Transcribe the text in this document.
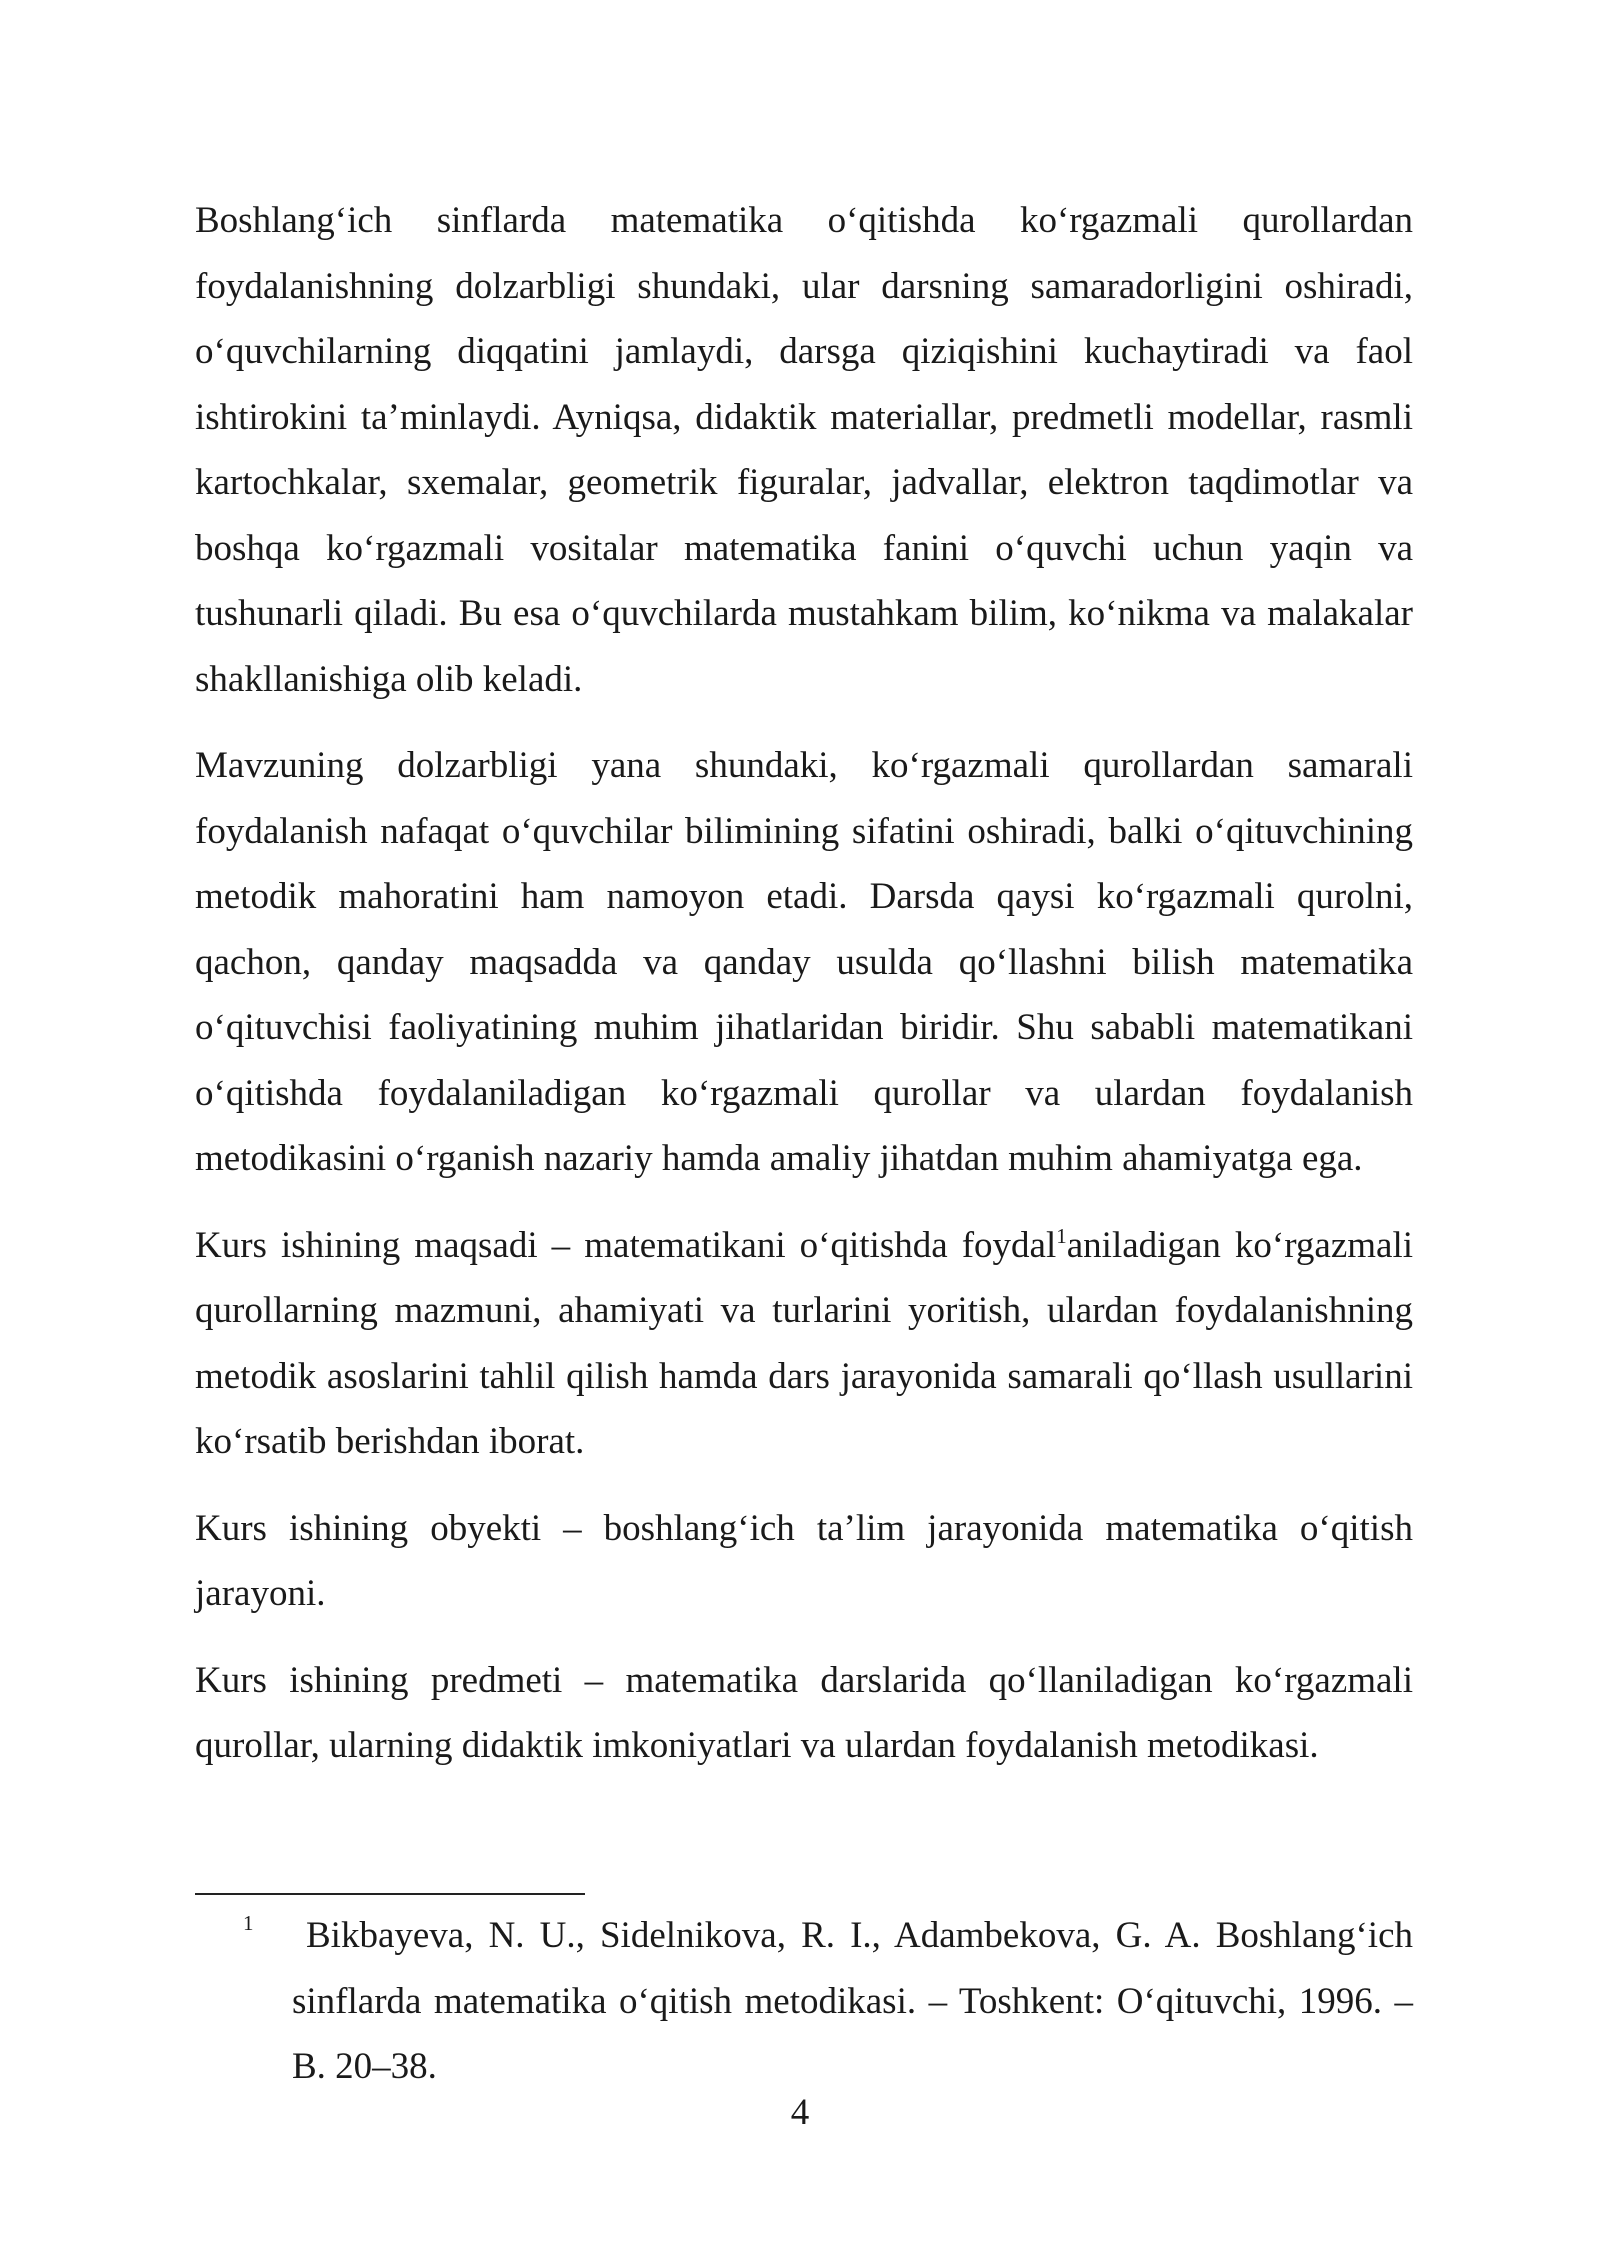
Boshlang‘ich sinflarda matematika o‘qitishda ko‘rgazmali qurollardan foydalanishning dolzarbligi shundaki, ular darsning samaradorligini oshiradi, o‘quvchilarning diqqatini jamlaydi, darsga qiziqishini kuchaytiradi va faol ishtirokini ta’minlaydi. Ayniqsa, didaktik materiallar, predmetli modellar, rasmli kartochkalar, sxemalar, geometrik figuralar, jadvallar, elektron taqdimotlar va boshqa ko‘rgazmali vositalar matematika fanini o‘quvchi uchun yaqin va tushunarli qiladi. Bu esa o‘quvchilarda mustahkam bilim, ko‘nikma va malakalar shakllanishiga olib keladi.

Mavzuning dolzarbligi yana shundaki, ko‘rgazmali qurollardan samarali foydalanish nafaqat o‘quvchilar bilimining sifatini oshiradi, balki o‘qituvchining metodik mahoratini ham namoyon etadi. Darsda qaysi ko‘rgazmali qurolni, qachon, qanday maqsadda va qanday usulda qo‘llashni bilish matematika o‘qituvchisi faoliyatining muhim jihatlaridan biridir. Shu sababli matematikani o‘qitishda foydalaniladigan ko‘rgazmali qurollar va ulardan foydalanish metodikasini o‘rganish nazariy hamda amaliy jihatdan muhim ahamiyatga ega.

Kurs ishining maqsadi – matematikani o‘qitishda foydal$^1$aniladigan ko‘rgazmali qurollarning mazmuni, ahamiyati va turlarini yoritish, ulardan foydalanishning metodik asoslarini tahlil qilish hamda dars jarayonida samarali qo‘llash usullarini ko‘rsatib berishdan iborat.

Kurs ishining obyekti – boshlang‘ich ta’lim jarayonida matematika o‘qitish jarayoni.

Kurs ishining predmeti – matematika darslarida qo‘llaniladigan ko‘rgazmali qurollar, ularning didaktik imkoniyatlari va ulardan foydalanish metodikasi.

1	Bikbayeva, N. U., Sidelnikova, R. I., Adambekova, G. A. Boshlang‘ich sinflarda matematika o‘qitish metodikasi. – Toshkent: O‘qituvchi, 1996. – B. 20–38.

4
